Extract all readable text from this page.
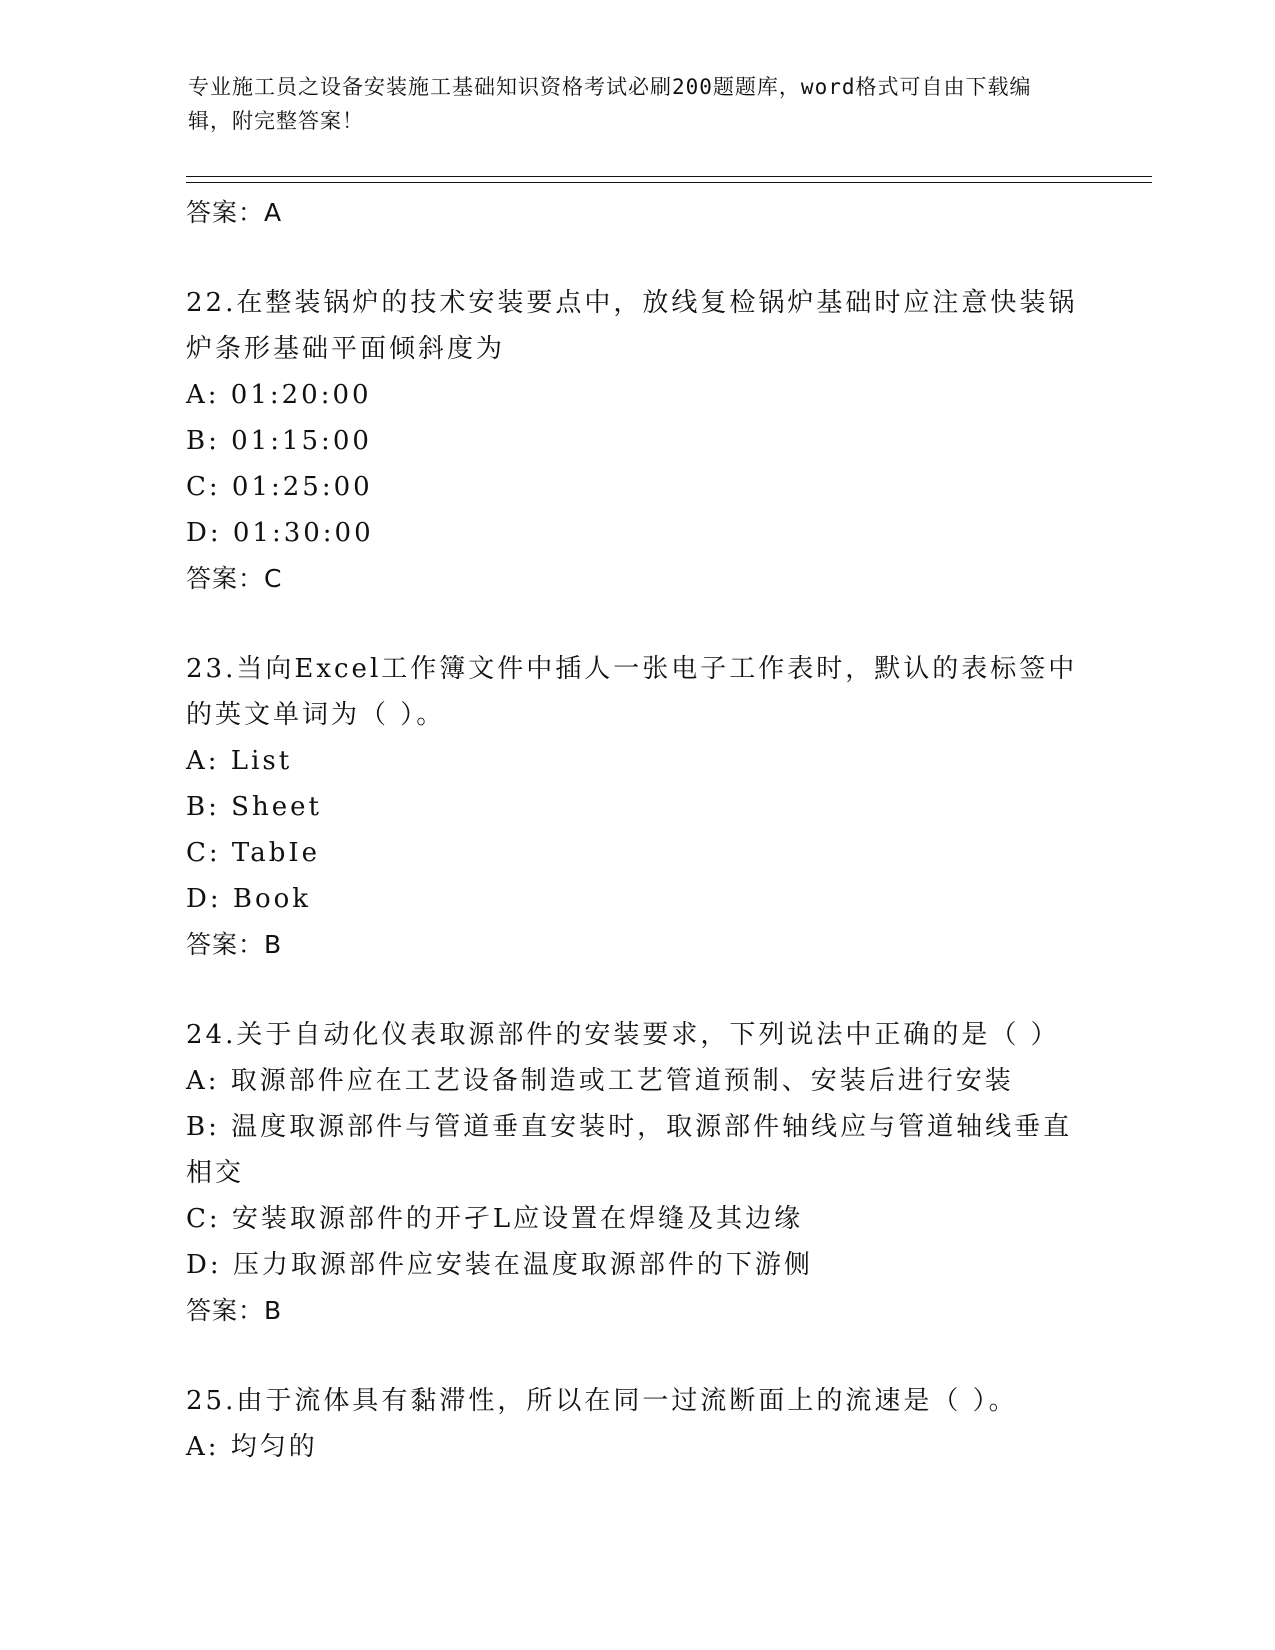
专业施工员之设备安装施工基础知识资格考试必刷200题题库，word格式可自由下载编辑，附完整答案！
答案：A
22.在整装锅炉的技术安装要点中，放线复检锅炉基础时应注意快装锅炉条形基础平面倾斜度为
A: 01:20:00
B: 01:15:00
C: 01:25:00
D: 01:30:00
答案：C
23.当向Excel工作簿文件中插人一张电子工作表时，默认的表标签中的英文单词为（ ）。
A: List
B: Sheet
C: TabIe
D: Book
答案：B
24.关于自动化仪表取源部件的安装要求，下列说法中正确的是（ ）
A: 取源部件应在工艺设备制造或工艺管道预制、安装后进行安装
B: 温度取源部件与管道垂直安装时，取源部件轴线应与管道轴线垂直相交
C: 安装取源部件的开孑L应设置在焊缝及其边缘
D: 压力取源部件应安装在温度取源部件的下游侧
答案：B
25.由于流体具有黏滞性，所以在同一过流断面上的流速是（ ）。
A: 均匀的
